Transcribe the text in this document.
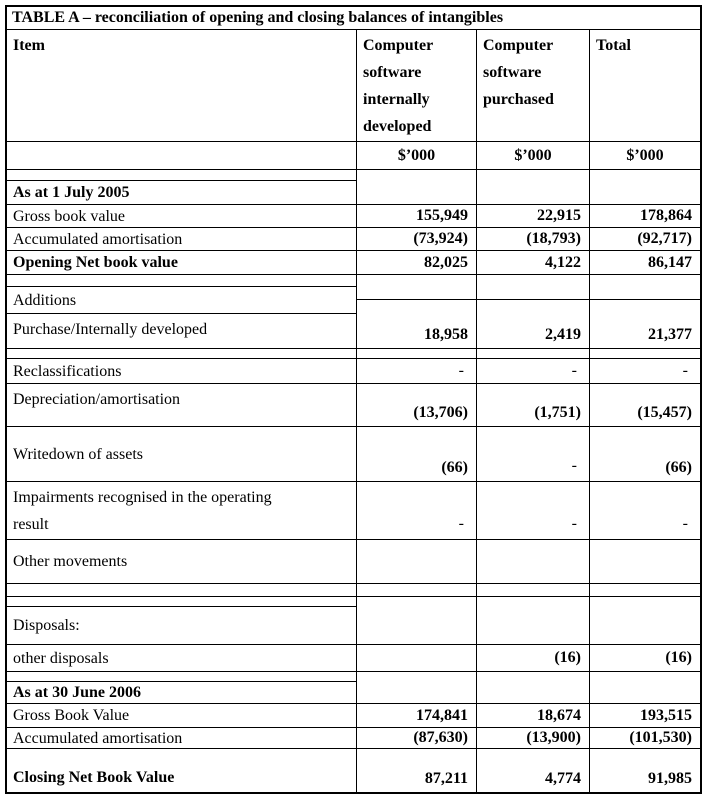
TABLE A – reconciliation of opening and closing balances of intangibles
Item
As at 1 July 2005
Gross book value
Accumulated amortisation
Opening Net book value
Additions
Purchase/Internally developed
Reclassifications
Depreciation/amortisation
Writedown of assets
Impairments recognised in the operating result
Other movements
Disposals:
other disposals
As at 30 June 2006
Gross Book Value
Accumulated amortisation
Closing Net Book Value
Computer software internally developed
$’000
155,949
(73,924)
82,025
18,958
-
(13,706)
(66)
-
174,841
(87,630)
87,211
Computer software purchased
$’000
22,915
(18,793)
4,122
2,419
-
(1,751)
-
-
(16)
18,674
(13,900)
4,774
Total
$’000
178,864
(92,717)
86,147
21,377
-
(15,457)
(66)
-
(16)
193,515
(101,530)
91,985
